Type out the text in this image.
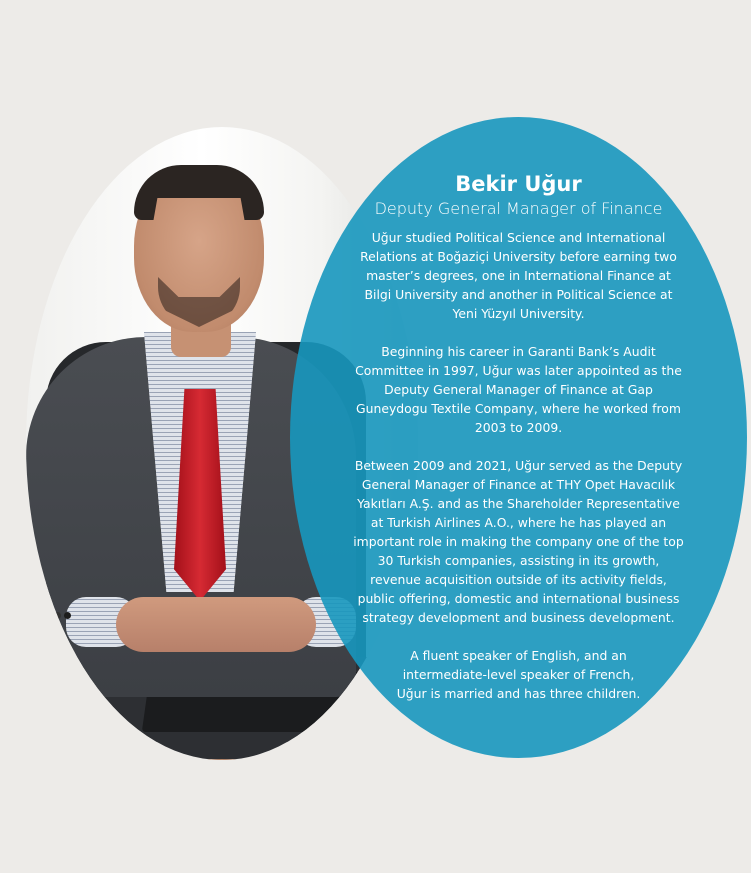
Bekir Uğur

Deputy General Manager of Finance

Uğur studied Political Science and International
Relations at Boğaziçi University before earning two
master’s degrees, one in International Finance at
Bilgi University and another in Political Science at
Yeni Yüzyıl University.

Beginning his career in Garanti Bank’s Audit
Committee in 1997, Uğur was later appointed as the
Deputy General Manager of Finance at Gap
Guneydogu Textile Company, where he worked from
2003 to 2009.

Between 2009 and 2021, Uğur served as the Deputy
General Manager of Finance at THY Opet Havacılık
Yakıtları A.Ş. and as the Shareholder Representative
at Turkish Airlines A.O., where he has played an
important role in making the company one of the top
30 Turkish companies, assisting in its growth,
revenue acquisition outside of its activity fields,
public offering, domestic and international business
strategy development and business development.

A fluent speaker of English, and an
intermediate-level speaker of French,
Uğur is married and has three children.
